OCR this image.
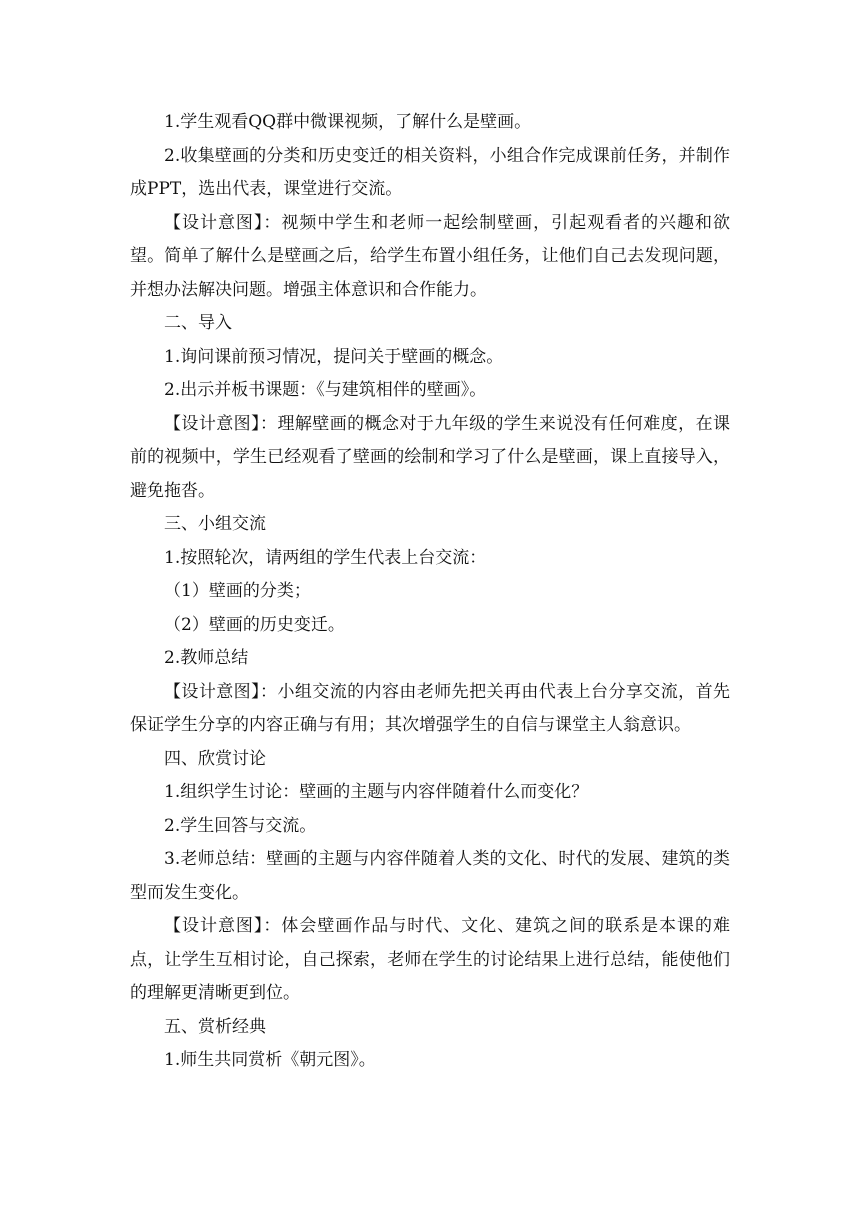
1.学生观看QQ群中微课视频，了解什么是壁画。

2.收集壁画的分类和历史变迁的相关资料，小组合作完成课前任务，并制作成PPT，选出代表，课堂进行交流。

【设计意图】：视频中学生和老师一起绘制壁画，引起观看者的兴趣和欲望。简单了解什么是壁画之后，给学生布置小组任务，让他们自己去发现问题，并想办法解决问题。增强主体意识和合作能力。

二、导入

1.询问课前预习情况，提问关于壁画的概念。

2.出示并板书课题：《与建筑相伴的壁画》。

【设计意图】：理解壁画的概念对于九年级的学生来说没有任何难度，在课前的视频中，学生已经观看了壁画的绘制和学习了什么是壁画，课上直接导入，避免拖沓。

三、小组交流

1.按照轮次，请两组的学生代表上台交流：

（1）壁画的分类；

（2）壁画的历史变迁。

2.教师总结

【设计意图】：小组交流的内容由老师先把关再由代表上台分享交流，首先保证学生分享的内容正确与有用；其次增强学生的自信与课堂主人翁意识。

四、欣赏讨论

1.组织学生讨论：壁画的主题与内容伴随着什么而变化？

2.学生回答与交流。

3.老师总结：壁画的主题与内容伴随着人类的文化、时代的发展、建筑的类型而发生变化。

【设计意图】：体会壁画作品与时代、文化、建筑之间的联系是本课的难点，让学生互相讨论，自己探索，老师在学生的讨论结果上进行总结，能使他们的理解更清晰更到位。

五、赏析经典

1.师生共同赏析《朝元图》。
